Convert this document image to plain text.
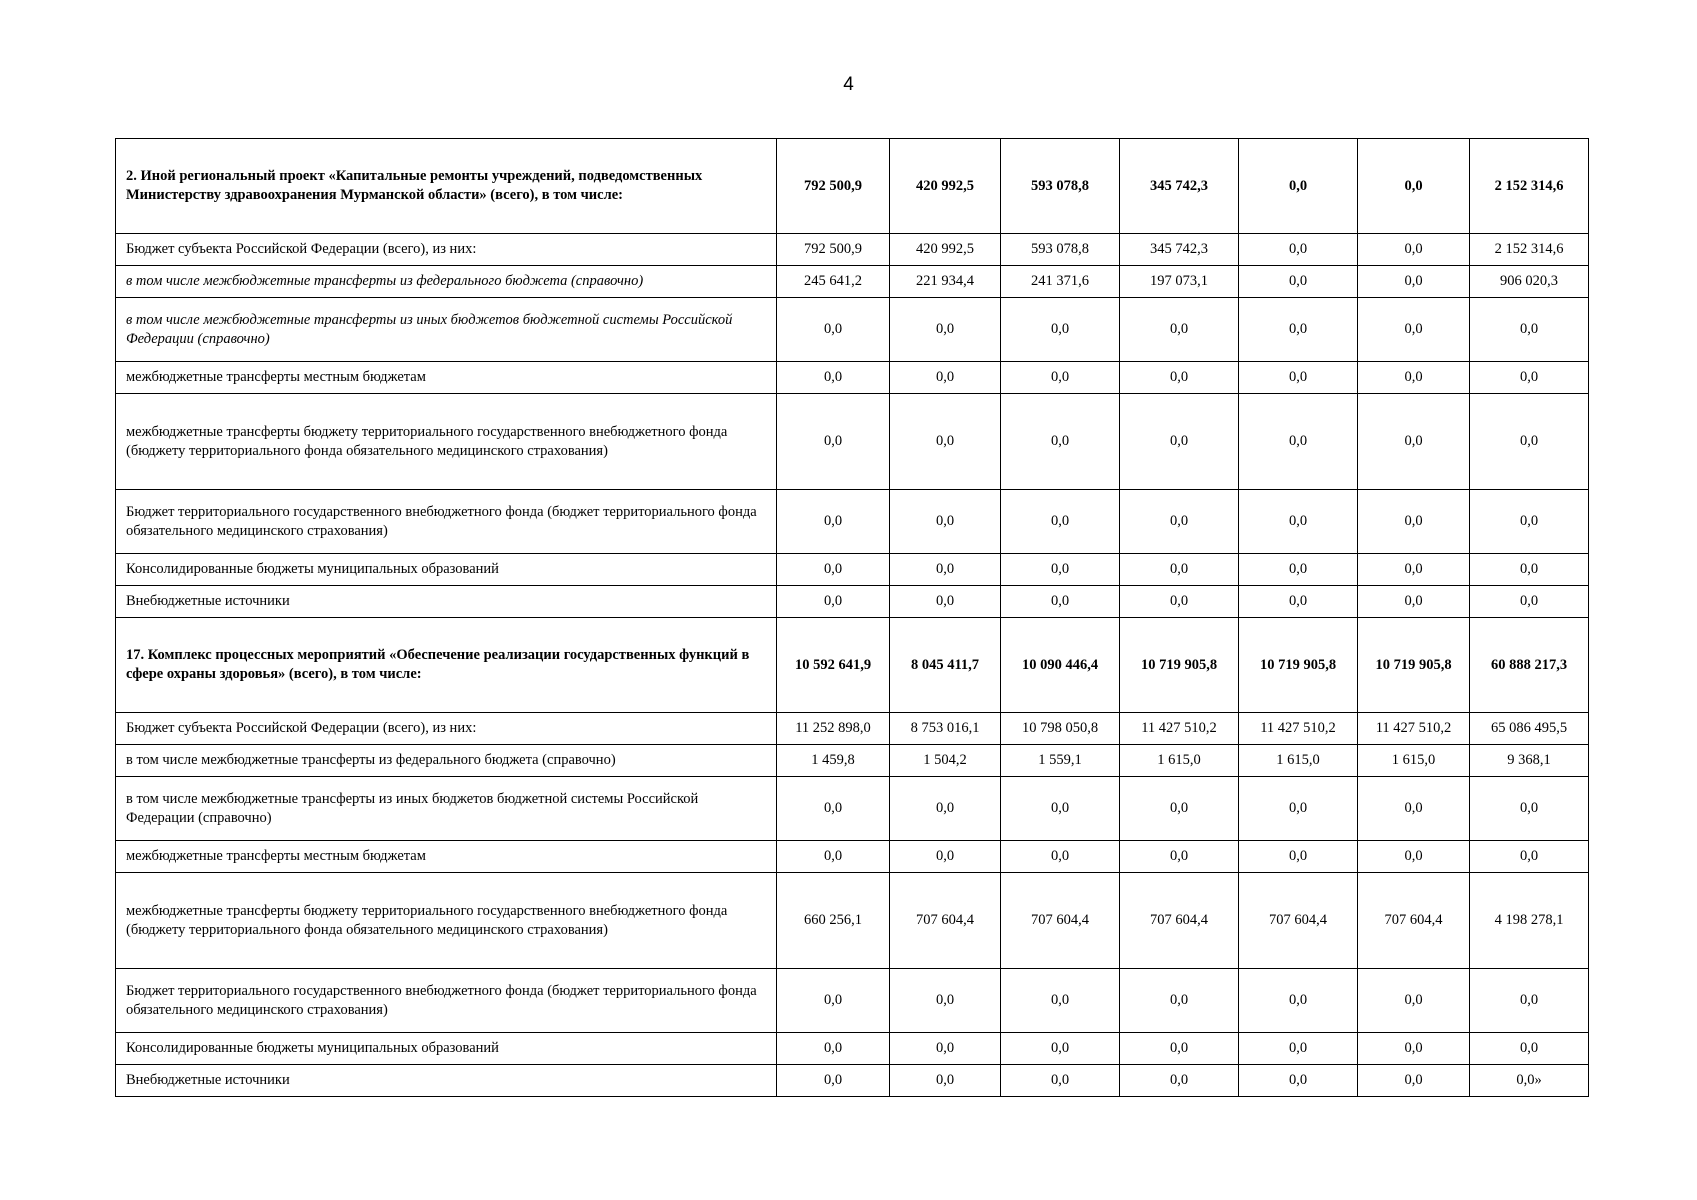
4
2. Иной региональный проект «Капитальные ремонты учреждений, подведомственных Министерству здравоохранения Мурманской области» (всего), в том числе:	792 500,9	420 992,5	593 078,8	345 742,3	0,0	0,0	2 152 314,6
Бюджет субъекта Российской Федерации (всего), из них:	792 500,9	420 992,5	593 078,8	345 742,3	0,0	0,0	2 152 314,6
в том числе межбюджетные трансферты из федерального бюджета (справочно)	245 641,2	221 934,4	241 371,6	197 073,1	0,0	0,0	906 020,3
в том числе межбюджетные трансферты из иных бюджетов бюджетной системы Российской Федерации (справочно)	0,0	0,0	0,0	0,0	0,0	0,0	0,0
межбюджетные трансферты местным бюджетам	0,0	0,0	0,0	0,0	0,0	0,0	0,0
межбюджетные трансферты бюджету территориального государственного внебюджетного фонда (бюджету территориального фонда обязательного медицинского страхования)	0,0	0,0	0,0	0,0	0,0	0,0	0,0
Бюджет территориального государственного внебюджетного фонда (бюджет территориального фонда обязательного медицинского страхования)	0,0	0,0	0,0	0,0	0,0	0,0	0,0
Консолидированные бюджеты муниципальных образований	0,0	0,0	0,0	0,0	0,0	0,0	0,0
Внебюджетные источники	0,0	0,0	0,0	0,0	0,0	0,0	0,0
17. Комплекс процессных мероприятий «Обеспечение реализации государственных функций в сфере охраны здоровья» (всего), в том числе:	10 592 641,9	8 045 411,7	10 090 446,4	10 719 905,8	10 719 905,8	10 719 905,8	60 888 217,3
Бюджет субъекта Российской Федерации (всего), из них:	11 252 898,0	8 753 016,1	10 798 050,8	11 427 510,2	11 427 510,2	11 427 510,2	65 086 495,5
в том числе межбюджетные трансферты из федерального бюджета (справочно)	1 459,8	1 504,2	1 559,1	1 615,0	1 615,0	1 615,0	9 368,1
в том числе межбюджетные трансферты из иных бюджетов бюджетной системы Российской Федерации (справочно)	0,0	0,0	0,0	0,0	0,0	0,0	0,0
межбюджетные трансферты местным бюджетам	0,0	0,0	0,0	0,0	0,0	0,0	0,0
межбюджетные трансферты бюджету территориального государственного внебюджетного фонда (бюджету территориального фонда обязательного медицинского страхования)	660 256,1	707 604,4	707 604,4	707 604,4	707 604,4	707 604,4	4 198 278,1
Бюджет территориального государственного внебюджетного фонда (бюджет территориального фонда обязательного медицинского страхования)	0,0	0,0	0,0	0,0	0,0	0,0	0,0
Консолидированные бюджеты муниципальных образований	0,0	0,0	0,0	0,0	0,0	0,0	0,0
Внебюджетные источники	0,0	0,0	0,0	0,0	0,0	0,0	0,0»
